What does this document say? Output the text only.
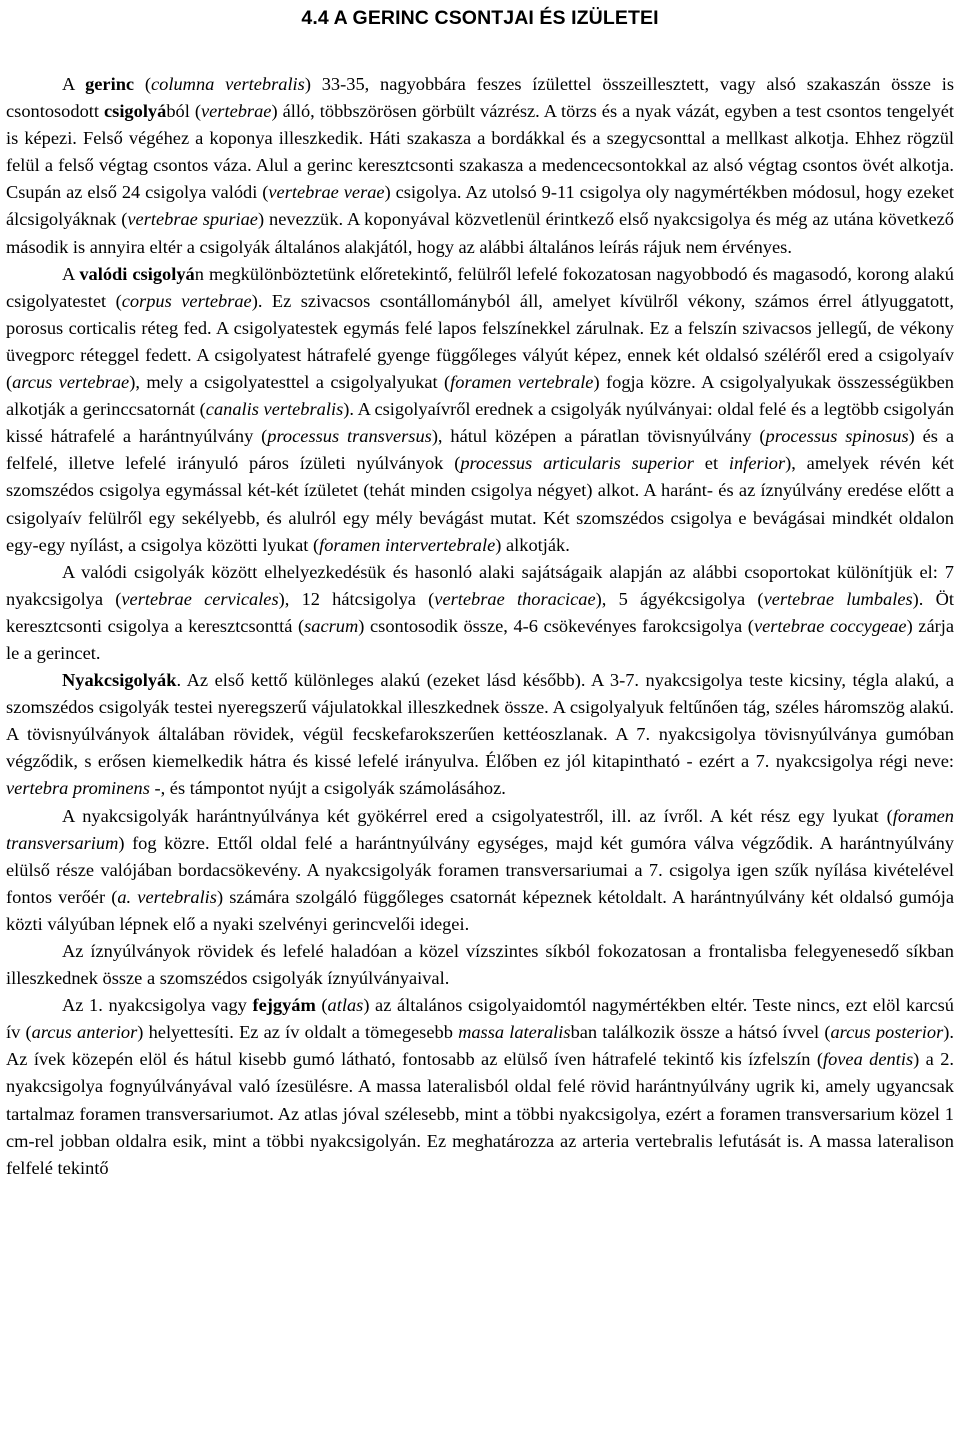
4.4 A GERINC CSONTJAI ÉS IZÜLETEI

A gerinc (columna vertebralis) 33-35, nagyobbára feszes ízülettel összeillesztett, vagy alsó szakaszán össze is csontosodott csigolyából (vertebrae) álló, többszörösen görbült vázrész. A törzs és a nyak vázát, egyben a test csontos tengelyét is képezi. Felső végéhez a koponya illeszkedik. Háti szakasza a bordákkal és a szegycsonttal a mellkast alkotja. Ehhez rögzül felül a felső végtag csontos váza. Alul a gerinc keresztcsonti szakasza a medencecsontokkal az alsó végtag csontos övét alkotja. Csupán az első 24 csigolya valódi (vertebrae verae) csigolya. Az utolsó 9-11 csigolya oly nagymértékben módosul, hogy ezeket álcsigolyáknak (vertebrae spuriae) nevezzük. A koponyával közvetlenül érintkező első nyakcsigolya és még az utána következő második is annyira eltér a csigolyák általános alakjától, hogy az alábbi általános leírás rájuk nem érvényes.

A valódi csigolyán megkülönböztetünk előretekintő, felülről lefelé fokozatosan nagyobbodó és magasodó, korong alakú csigolyatestet (corpus vertebrae). Ez szivacsos csontállományból áll, amelyet kívülről vékony, számos érrel átlyuggatott, porosus corticalis réteg fed. A csigolyatestek egymás felé lapos felszínekkel zárulnak. Ez a felszín szivacsos jellegű, de vékony üvegporc réteggel fedett. A csigolyatest hátrafelé gyenge függőleges vályút képez, ennek két oldalsó széléről ered a csigolyaív (arcus vertebrae), mely a csigolyatesttel a csigolyalyukat (foramen vertebrale) fogja közre. A csigolyalyukak összességükben alkotják a gerinccsatornát (canalis vertebralis). A csigolyaívről erednek a csigolyák nyúlványai: oldal felé és a legtöbb csigolyán kissé hátrafelé a harántnyúlvány (processus transversus), hátul középen a páratlan tövisnyúlvány (processus spinosus) és a felfelé, illetve lefelé irányuló páros ízületi nyúlványok (processus articularis superior et inferior), amelyek révén két szomszédos csigolya egymással két-két ízületet (tehát minden csigolya négyet) alkot. A haránt- és az íznyúlvány eredése előtt a csigolyaív felülről egy sekélyebb, és alulról egy mély bevágást mutat. Két szomszédos csigolya e bevágásai mindkét oldalon egy-egy nyílást, a csigolya közötti lyukat (foramen intervertebrale) alkotják.

A valódi csigolyák között elhelyezkedésük és hasonló alaki sajátságaik alapján az alábbi csoportokat különítjük el: 7 nyakcsigolya (vertebrae cervicales), 12 hátcsigolya (vertebrae thoracicae), 5 ágyékcsigolya (vertebrae lumbales). Öt keresztcsonti csigolya a keresztcsonttá (sacrum) csontosodik össze, 4-6 csökevényes farokcsigolya (vertebrae coccygeae) zárja le a gerincet.

Nyakcsigolyák. Az első kettő különleges alakú (ezeket lásd később). A 3-7. nyakcsigolya teste kicsiny, tégla alakú, a szomszédos csigolyák testei nyeregszerű vájulatokkal illeszkednek össze. A csigolyalyuk feltűnően tág, széles háromszög alakú. A tövisnyúlványok általában rövidek, végül fecskefarokszerűen kettéoszlanak. A 7. nyakcsigolya tövisnyúlványa gumóban végződik, s erősen kiemelkedik hátra és kissé lefelé irányulva. Élőben ez jól kitapintható - ezért a 7. nyakcsigolya régi neve: vertebra prominens -, és támpontot nyújt a csigolyák számolásához.

A nyakcsigolyák harántnyúlványa két gyökérrel ered a csigolyatestről, ill. az ívről. A két rész egy lyukat (foramen transversarium) fog közre. Ettől oldal felé a harántnyúlvány egységes, majd két gumóra válva végződik. A harántnyúlvány elülső része valójában bordacsökevény. A nyakcsigolyák foramen transversariumai a 7. csigolya igen szűk nyílása kivételével fontos verőér (a. vertebralis) számára szolgáló függőleges csatornát képeznek kétoldalt. A harántnyúlvány két oldalsó gumója közti vályúban lépnek elő a nyaki szelvényi gerincvelői idegei.

Az íznyúlványok rövidek és lefelé haladóan a közel vízszintes síkból fokozatosan a frontalisba felegyenesedő síkban illeszkednek össze a szomszédos csigolyák íznyúlványaival.

Az 1. nyakcsigolya vagy fejgyám (atlas) az általános csigolyaidomtól nagymértékben eltér. Teste nincs, ezt elöl karcsú ív (arcus anterior) helyettesíti. Ez az ív oldalt a tömegesebb massa lateralisban találkozik össze a hátsó ívvel (arcus posterior). Az ívek közepén elöl és hátul kisebb gumó látható, fontosabb az elülső íven hátrafelé tekintő kis ízfelszín (fovea dentis) a 2. nyakcsigolya fognyúlványával való ízesülésre. A massa lateralisból oldal felé rövid harántnyúlvány ugrik ki, amely ugyancsak tartalmaz foramen transversariumot. Az atlas jóval szélesebb, mint a többi nyakcsigolya, ezért a foramen transversarium közel 1 cm-rel jobban oldalra esik, mint a többi nyakcsigolyán. Ez meghatározza az arteria vertebralis lefutását is. A massa lateralison felfelé tekintő
